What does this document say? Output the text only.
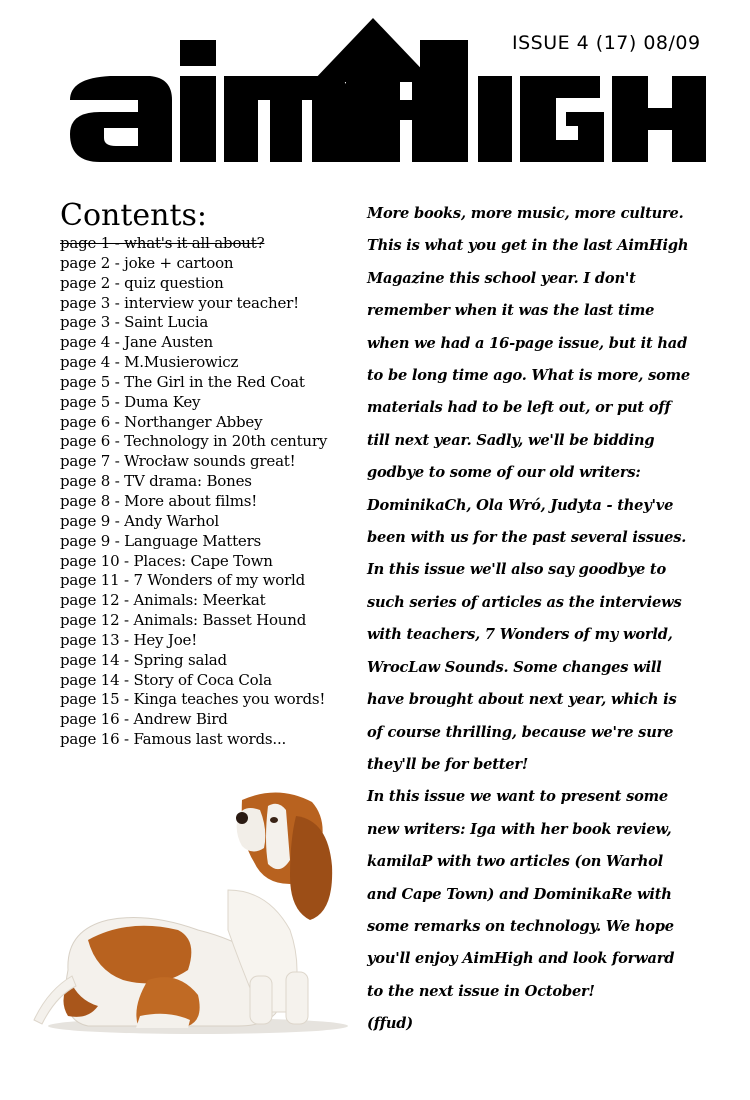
ISSUE 4 (17) 08/09
Contents:
page 1 - what's it all about?
page 2 - joke + cartoon
page 2 - quiz question
page 3 - interview your teacher!
page 3 - Saint Lucia
page 4 - Jane Austen
page 4 - M.Musierowicz
page 5 - The Girl in the Red Coat
page 5 - Duma Key
page 6 - Northanger Abbey
page 6 - Technology in 20th century
page 7 - Wrocław sounds great!
page 8 - TV drama: Bones
page 8 - More about films!
page 9 - Andy Warhol
page 9 - Language Matters
page 10 - Places: Cape Town
page 11 - 7 Wonders of my world
page 12 - Animals: Meerkat
page 12 - Animals: Basset Hound
page 13 - Hey Joe!
page 14 - Spring salad
page 14 - Story of Coca Cola
page 15 - Kinga teaches you words!
page 16 - Andrew Bird
page 16 - Famous last words...
More books, more music, more culture.
This is what you get in the last AimHigh
Magazine this school year. I don't
remember when it was the last time
when we had a 16-page issue, but it had
to be long time ago. What is more, some
materials had to be left out, or put off
till next year. Sadly, we'll be bidding
godbye to some of our old writers:
DominikaCh, Ola Wró, Judyta - they've
been with us for the past several issues.
In this issue we'll also say goodbye to
such series of articles as the interviews
with teachers, 7 Wonders of my world,
WrocLaw Sounds. Some changes will
have brought about next year, which is
of course thrilling, because we're sure
they'll be for better!
In this issue we want to present some
new writers: Iga with her book review,
kamilaP with two articles (on Warhol
and Cape Town) and DominikaRe with
some remarks on technology. We hope
you'll enjoy AimHigh and look forward
to the next issue in October!
(ffud)
